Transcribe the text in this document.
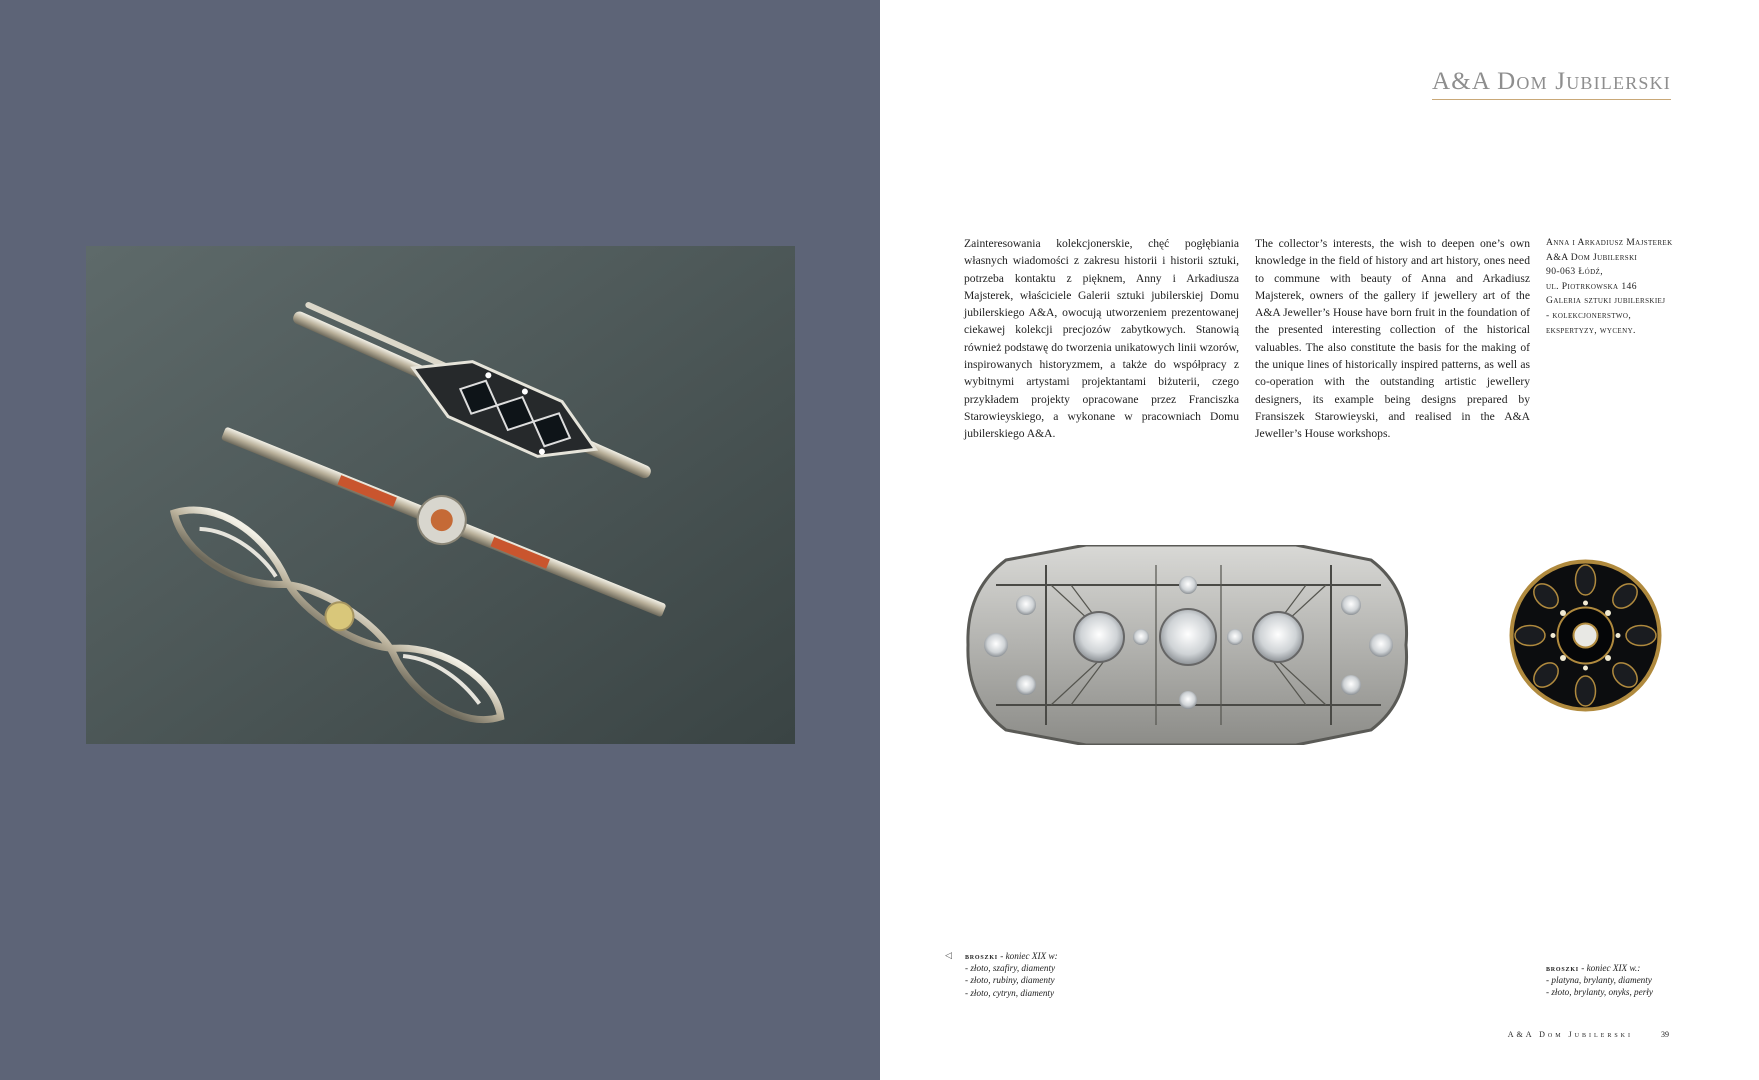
A&A Dom Jubilerski
Zainteresowania kolekcjonerskie, chęć pogłębiania własnych wiadomości z zakresu historii i historii sztuki, potrzeba kontaktu z pięknem, Anny i Arkadiusza Majsterek, właściciele Galerii sztuki jubilerskiej Domu jubilerskiego A&A, owocują utworzeniem prezentowanej ciekawej kolekcji precjozów zabytkowych. Stanowią również podstawę do tworzenia unikatowych linii wzorów, inspirowanych historyzmem, a także do współpracy z wybitnymi artystami projektantami biżuterii, czego przykładem projekty opracowane przez Franciszka Starowieyskiego, a wykonane w pracowniach Domu jubilerskiego A&A.
The collector’s interests, the wish to deepen one’s own knowledge in the field of history and art history, ones need to commune with beauty of Anna and Arkadiusz Majsterek, owners of the gallery if jewellery art of the A&A Jeweller’s House have born fruit in the foundation of the presented interesting collection of the historical valuables. The also constitute the basis for the making of the unique lines of historically inspired patterns, as well as co-operation with the outstanding artistic jewellery designers, its example being designs prepared by Fransiszek Starowieyski, and realised in the A&A Jeweller’s House workshops.
Anna i Arkadiusz Majsterek
A&A Dom Jubilerski
90-063 Łódź,
ul. Piotrkowska 146
Galeria sztuki jubilerskiej
- kolekcjonerstwo,
ekspertyzy, wyceny.
◁ broszki - koniec XIX w:
- złoto, szafiry, diamenty
- złoto, rubiny, diamenty
- złoto, cytryn, diamenty
broszki - koniec XIX w.:
- platyna, brylanty, diamenty
- złoto, brylanty, onyks, perły
A&A Dom Jubilerski	39
